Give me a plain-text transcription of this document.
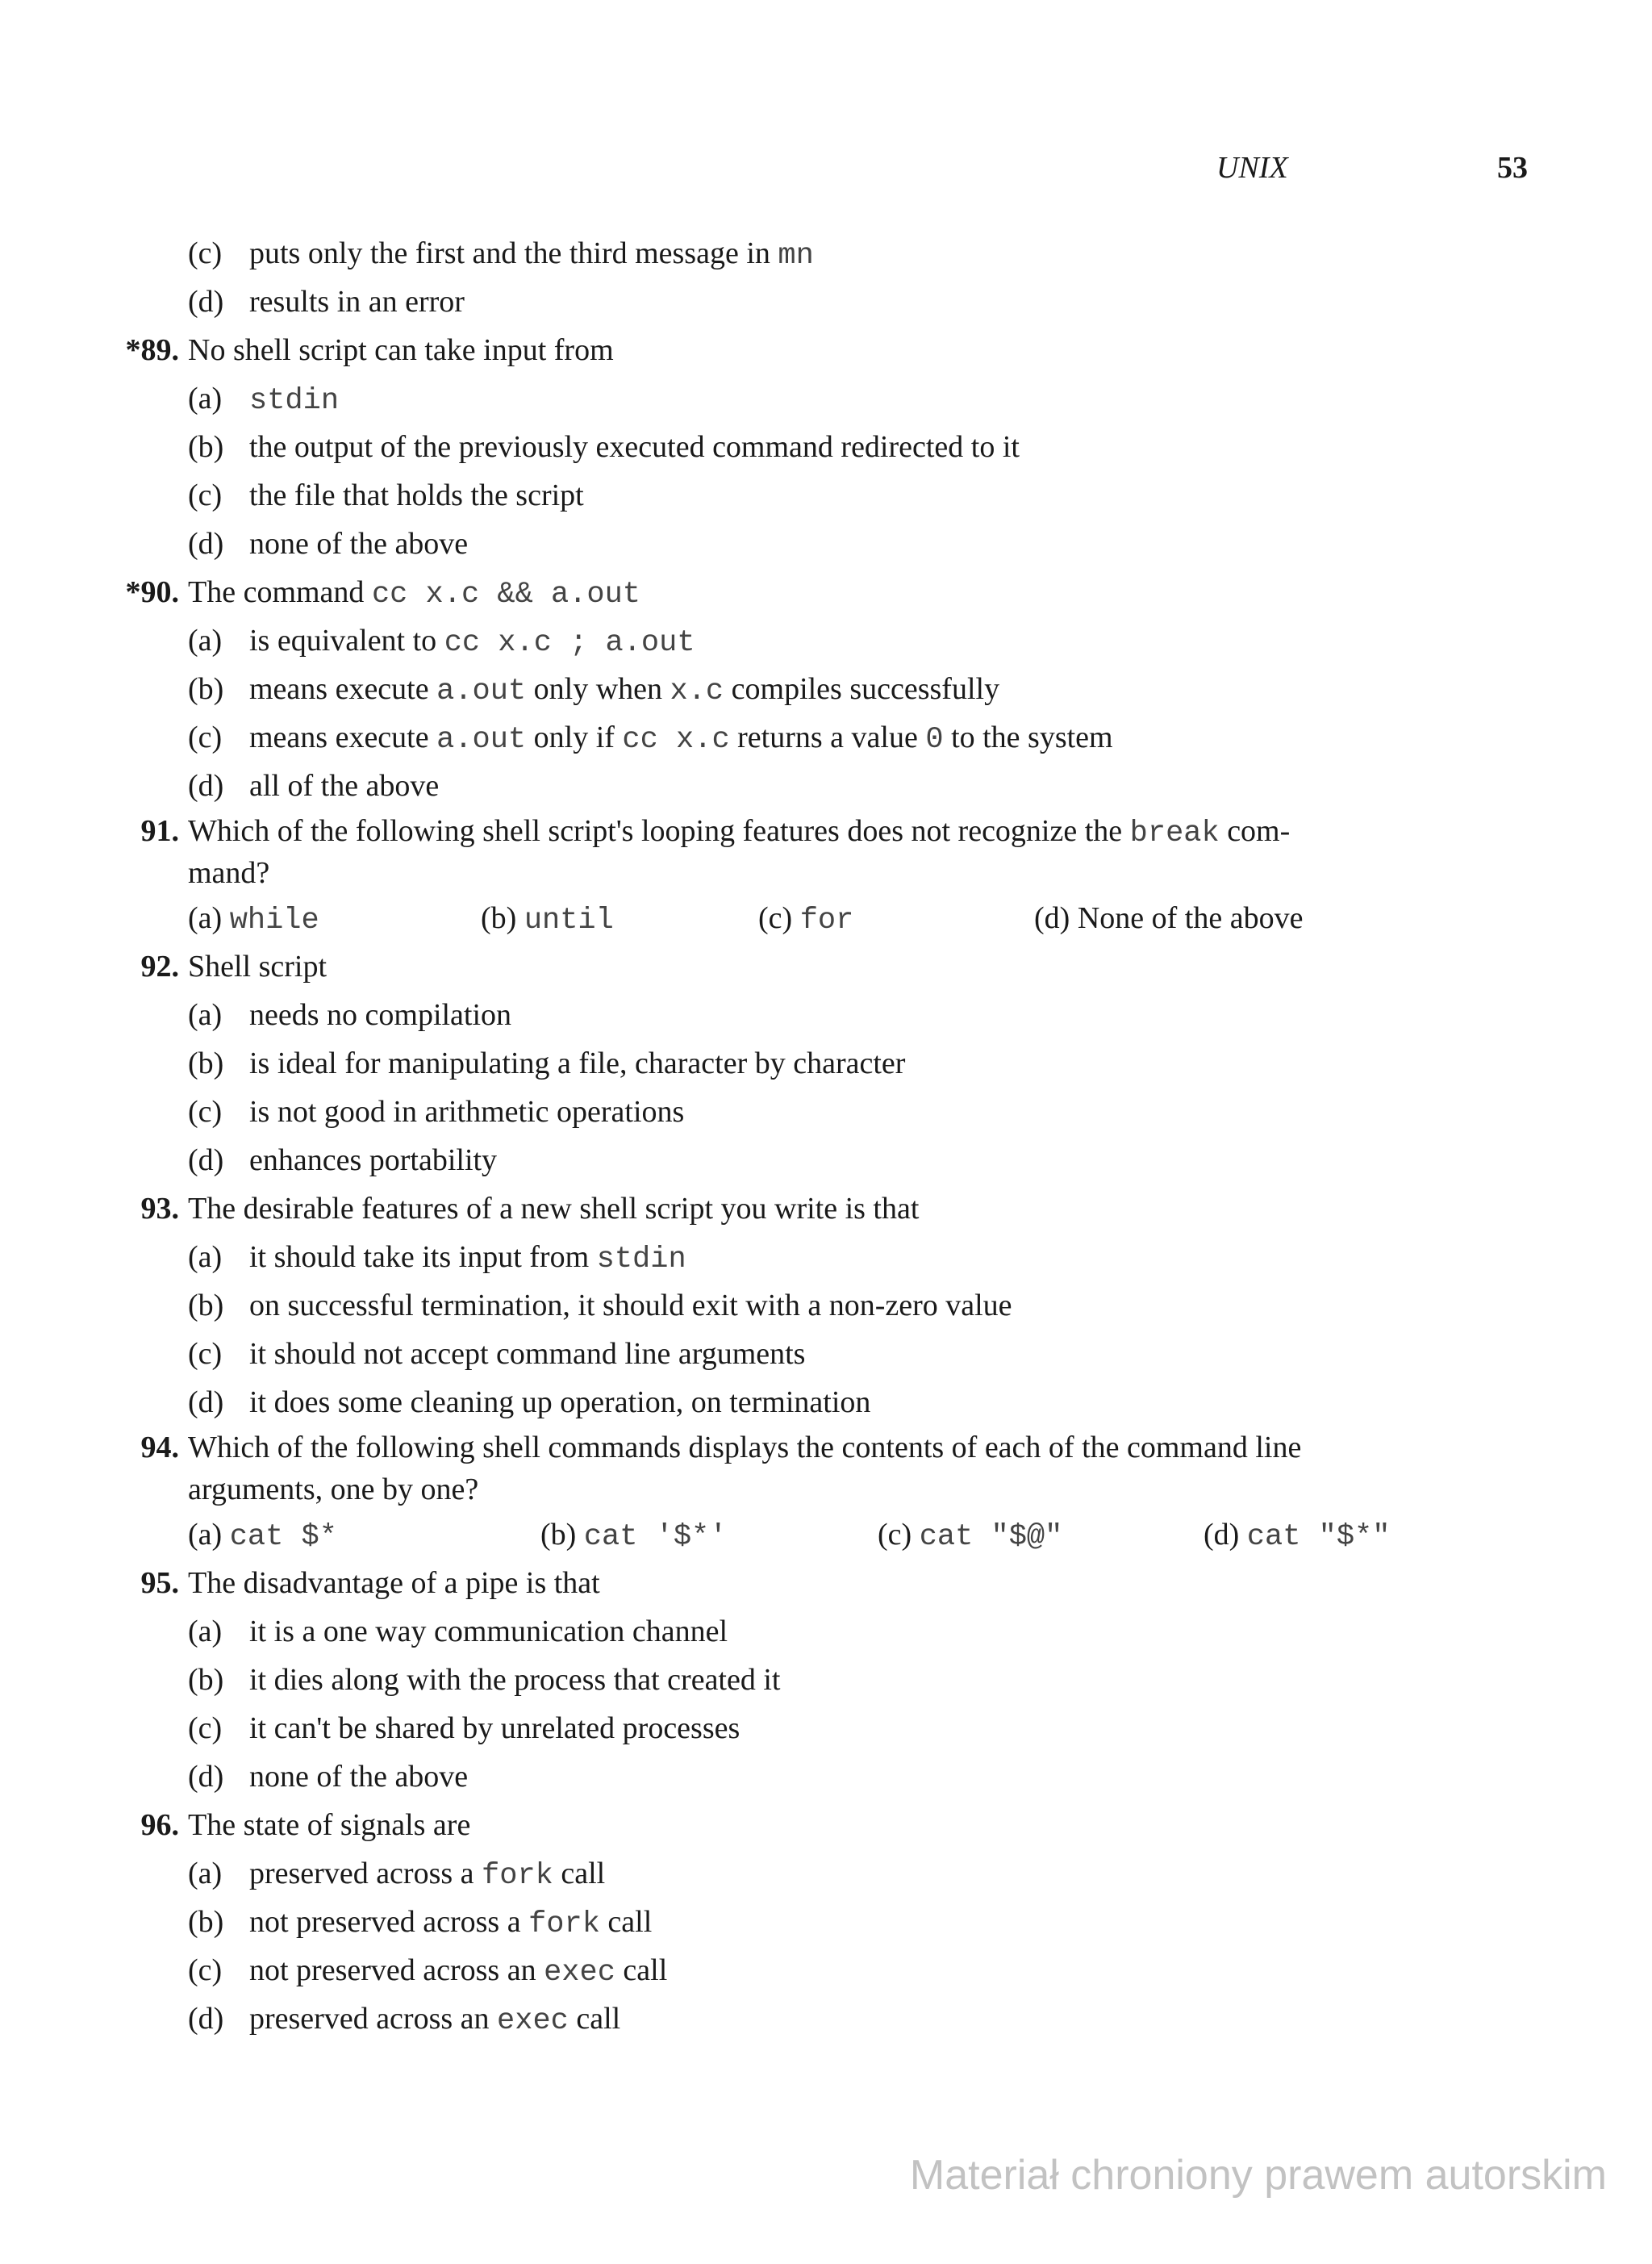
UNIX	53
(c) puts only the first and the third message in mn
(d) results in an error
*89. No shell script can take input from
(a) stdin
(b) the output of the previously executed command redirected to it
(c) the file that holds the script
(d) none of the above
*90. The command cc x.c && a.out
(a) is equivalent to cc x.c ; a.out
(b) means execute a.out only when x.c compiles successfully
(c) means execute a.out only if cc x.c returns a value 0 to the system
(d) all of the above
91. Which of the following shell script's looping features does not recognize the break com-
mand?
(a) while	(b) until	(c) for	(d) None of the above
92. Shell script
(a) needs no compilation
(b) is ideal for manipulating a file, character by character
(c) is not good in arithmetic operations
(d) enhances portability
93. The desirable features of a new shell script you write is that
(a) it should take its input from stdin
(b) on successful termination, it should exit with a non-zero value
(c) it should not accept command line arguments
(d) it does some cleaning up operation, on termination
94. Which of the following shell commands displays the contents of each of the command line
arguments, one by one?
(a) cat $*	(b) cat '$*'	(c) cat "$@"	(d) cat "$*"
95. The disadvantage of a pipe is that
(a) it is a one way communication channel
(b) it dies along with the process that created it
(c) it can't be shared by unrelated processes
(d) none of the above
96. The state of signals are
(a) preserved across a fork call
(b) not preserved across a fork call
(c) not preserved across an exec call
(d) preserved across an exec call
Materiał chroniony prawem autorskim
